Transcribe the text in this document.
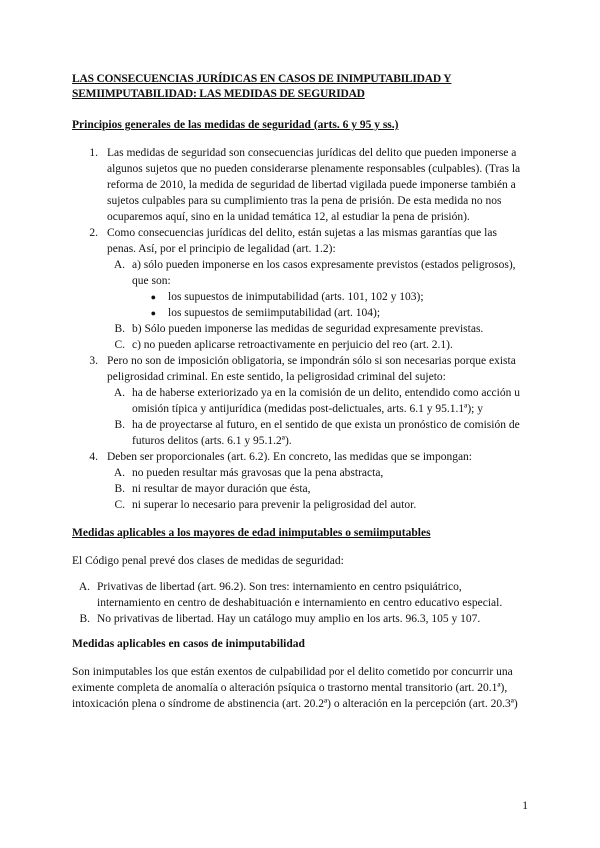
LAS CONSECUENCIAS JURÍDICAS EN CASOS DE INIMPUTABILIDAD Y SEMIIMPUTABILIDAD: LAS MEDIDAS DE SEGURIDAD
Principios generales de las medidas de seguridad (arts. 6 y 95 y ss.)
1. Las medidas de seguridad son consecuencias jurídicas del delito que pueden imponerse a algunos sujetos que no pueden considerarse plenamente responsables (culpables). (Tras la reforma de 2010, la medida de seguridad de libertad vigilada puede imponerse también a sujetos culpables para su cumplimiento tras la pena de prisión. De esta medida no nos ocuparemos aquí, sino en la unidad temática 12, al estudiar la pena de prisión).
2. Como consecuencias jurídicas del delito, están sujetas a las mismas garantías que las penas. Así, por el principio de legalidad (art. 1.2):
A. a) sólo pueden imponerse en los casos expresamente previstos (estados peligrosos), que son:
●	los supuestos de inimputabilidad (arts. 101, 102 y 103);
●	los supuestos de semiimputabilidad (art. 104);
B. b) Sólo pueden imponerse las medidas de seguridad expresamente previstas.
C. c) no pueden aplicarse retroactivamente en perjuicio del reo (art. 2.1).
3. Pero no son de imposición obligatoria, se impondrán sólo si son necesarias porque exista peligrosidad criminal. En este sentido, la peligrosidad criminal del sujeto:
A. ha de haberse exteriorizado ya en la comisión de un delito, entendido como acción u omisión típica y antijurídica (medidas post-delictuales, arts. 6.1 y 95.1.1ª); y
B. ha de proyectarse al futuro, en el sentido de que exista un pronóstico de comisión de futuros delitos (arts. 6.1 y 95.1.2ª).
4. Deben ser proporcionales (art. 6.2). En concreto, las medidas que se impongan:
A. no pueden resultar más gravosas que la pena abstracta,
B. ni resultar de mayor duración que ésta,
C. ni superar lo necesario para prevenir la peligrosidad del autor.
Medidas aplicables a los mayores de edad inimputables o semiimputables
El Código penal prevé dos clases de medidas de seguridad:
A. Privativas de libertad (art. 96.2). Son tres: internamiento en centro psiquiátrico, internamiento en centro de deshabituación e internamiento en centro educativo especial.
B. No privativas de libertad. Hay un catálogo muy amplio en los arts. 96.3, 105 y 107.
Medidas aplicables en casos de inimputabilidad
Son inimputables los que están exentos de culpabilidad por el delito cometido por concurrir una eximente completa de anomalía o alteración psíquica o trastorno mental transitorio (art. 20.1ª), intoxicación plena o síndrome de abstinencia (art. 20.2ª) o alteración en la percepción (art. 20.3ª)
1
